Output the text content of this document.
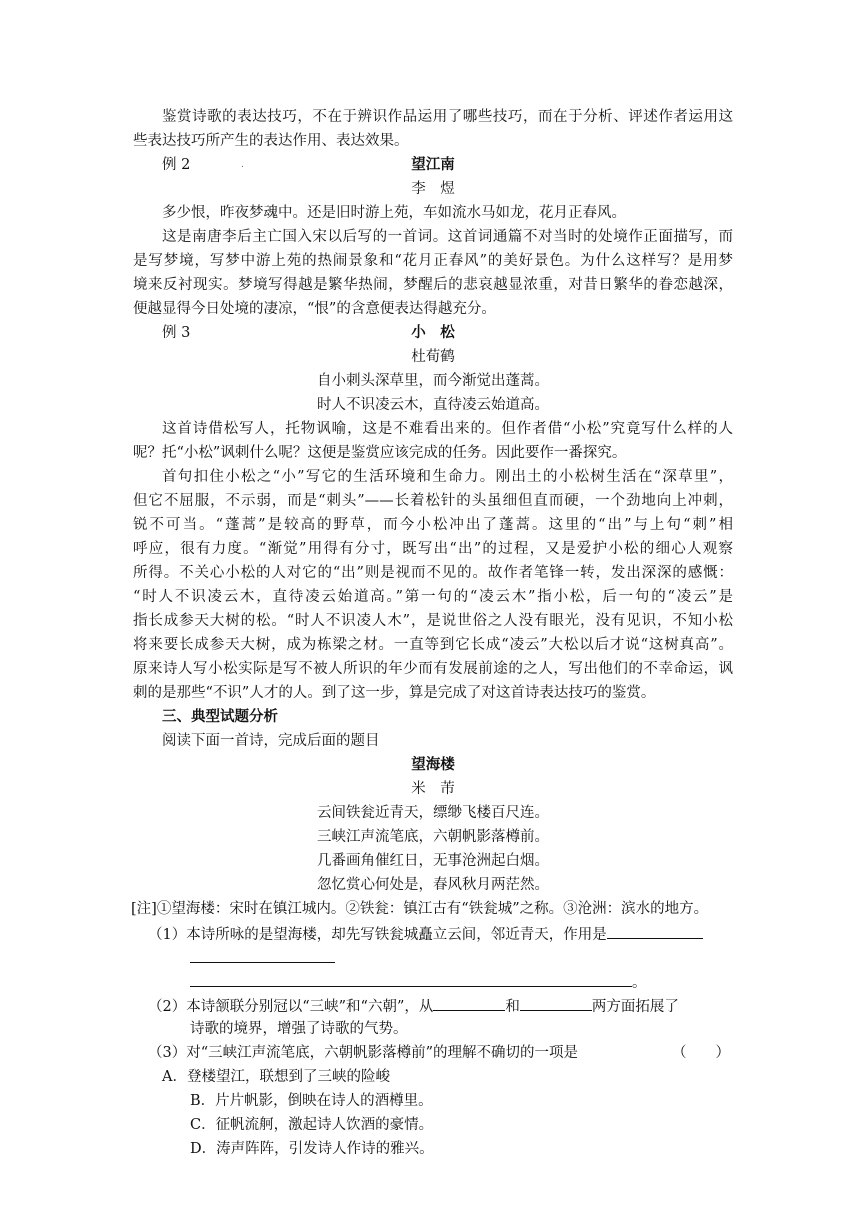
鉴赏诗歌的表达技巧，不在于辨识作品运用了哪些技巧，而在于分析、评述作者运用这
些表达技巧所产生的表达作用、表达效果。
例 2	.	望江南
李　煜
多少恨，昨夜梦魂中。还是旧时游上苑，车如流水马如龙，花月正春风。
这是南唐李后主亡国入宋以后写的一首词。这首词通篇不对当时的处境作正面描写，而
是写梦境，写梦中游上苑的热闹景象和“花月正春风”的美好景色。为什么这样写？是用梦
境来反衬现实。梦境写得越是繁华热闹，梦醒后的悲哀越显浓重，对昔日繁华的眷恋越深，
便越显得今日处境的凄凉，“恨”的含意便表达得越充分。
例 3	小　松
杜荀鹤
自小刺头深草里，而今渐觉出蓬蒿。
时人不识凌云木，直待凌云始道高。
这首诗借松写人，托物讽喻，这是不难看出来的。但作者借“小松”究竟写什么样的人
呢？托“小松”讽刺什么呢？这便是鉴赏应该完成的任务。因此要作一番探究。
首句扣住小松之“小”写它的生活环境和生命力。刚出土的小松树生活在“深草里”，
但它不屈服，不示弱，而是“刺头”——长着松针的头虽细但直而硬，一个劲地向上冲刺，
锐不可当。“蓬蒿”是较高的野草，而今小松冲出了蓬蒿。这里的“出”与上句“刺”相
呼应，很有力度。“渐觉”用得有分寸，既写出“出”的过程，又是爱护小松的细心人观察
所得。不关心小松的人对它的“出”则是视而不见的。故作者笔锋一转，发出深深的感慨：
“时人不识凌云木，直待凌云始道高。”第一句的“凌云木”指小松，后一句的“凌云”是
指长成参天大树的松。“时人不识凌人木”，是说世俗之人没有眼光，没有见识，不知小松
将来要长成参天大树，成为栋梁之材。一直等到它长成“凌云”大松以后才说“这树真高”。
原来诗人写小松实际是写不被人所识的年少而有发展前途的之人，写出他们的不幸命运，讽
刺的是那些“不识”人才的人。到了这一步，算是完成了对这首诗表达技巧的鉴赏。
三、典型试题分析
阅读下面一首诗，完成后面的题目
望海楼
米　芾
云间铁瓮近青天，缥缈飞楼百尺连。
三峡江声流笔底，六朝帆影落樽前。
几番画角催红日，无事沧洲起白烟。
忽忆赏心何处是，春风秋月两茫然。
[注]①望海楼：宋时在镇江城内。②铁瓮：镇江古有“铁瓮城”之称。③沧洲：滨水的地方。
（1）本诗所咏的是望海楼，却先写铁瓮城矗立云间，邻近青天，作用是
。
（2）本诗颔联分别冠以“三峡”和“六朝”，从	和	两方面拓展了
诗歌的境界，增强了诗歌的气势。
（3）对“三峡江声流笔底，六朝帆影落樽前”的理解不确切的一项是	（　　）
A．登楼望江，联想到了三峡的险峻
B．片片帆影，倒映在诗人的酒樽里。
C．征帆流舸，激起诗人饮酒的豪情。
D．涛声阵阵，引发诗人作诗的雅兴。
